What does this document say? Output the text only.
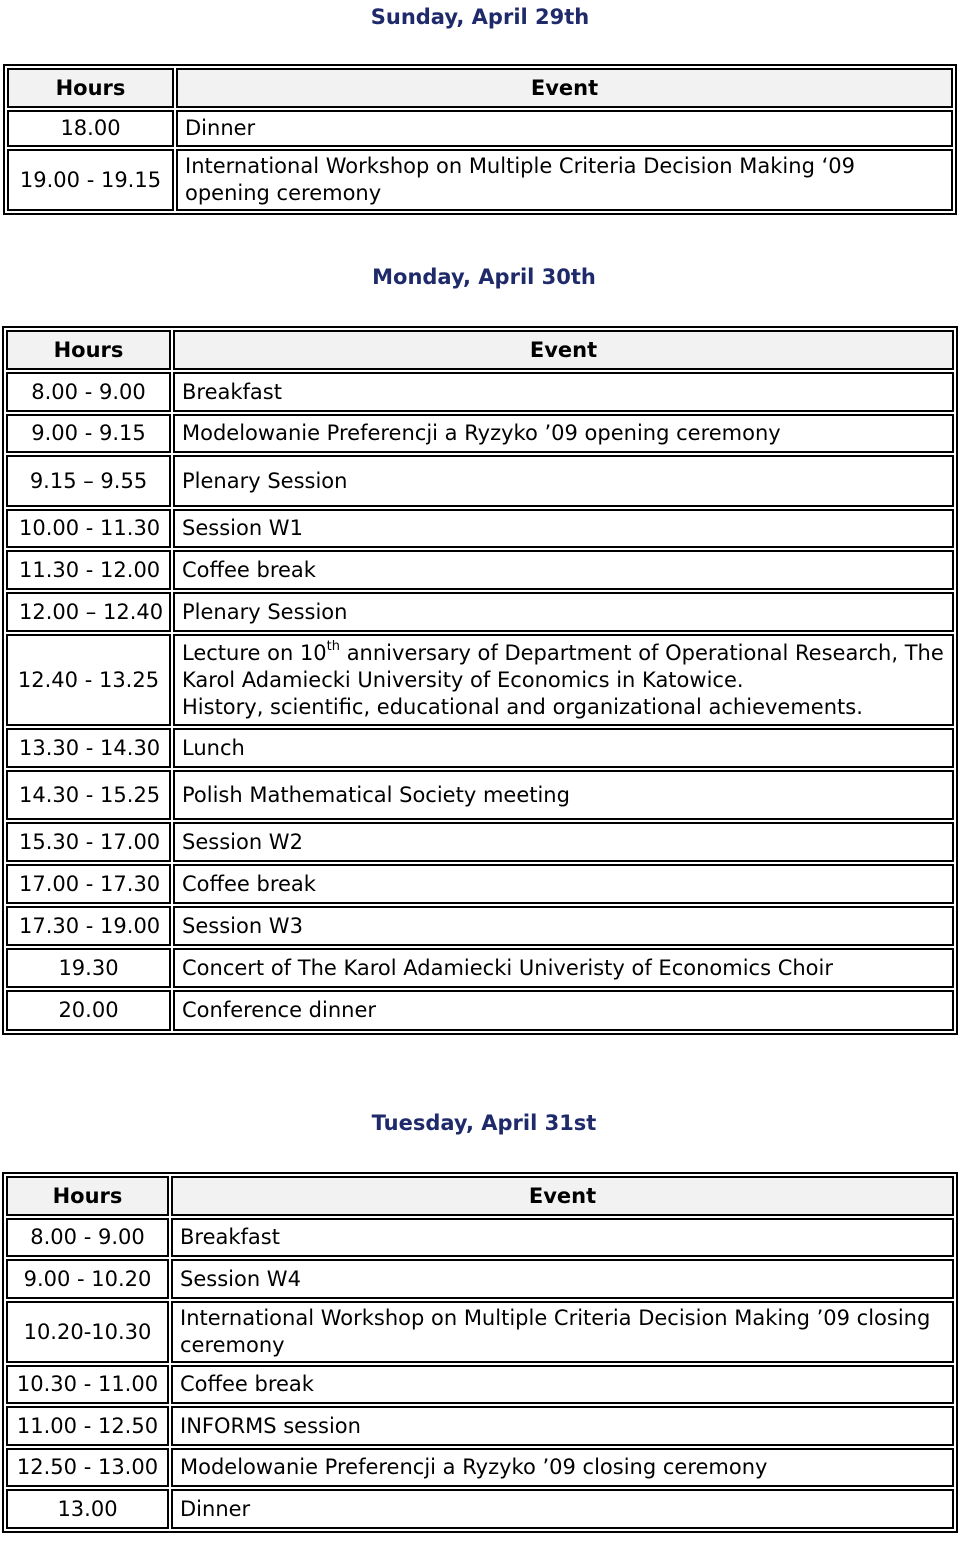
Sunday, April 29th
Hours	Event
18.00	Dinner
19.00 - 19.15	International Workshop on Multiple Criteria Decision Making ‘09 opening ceremony
Monday, April 30th
Hours	Event
8.00 - 9.00	Breakfast
9.00 - 9.15	Modelowanie Preferencji a Ryzyko ’09 opening ceremony
9.15 – 9.55	Plenary Session
10.00 - 11.30	Session W1
11.30 - 12.00	Coffee break
12.00 – 12.40	Plenary Session
12.40 - 13.25	Lecture on 10th anniversary of Department of Operational Research, The Karol Adamiecki University of Economics in Katowice.
History, scientific, educational and organizational achievements.
13.30 - 14.30	Lunch
14.30 - 15.25	Polish Mathematical Society meeting
15.30 - 17.00	Session W2
17.00 - 17.30	Coffee break
17.30 - 19.00	Session W3
19.30	Concert of The Karol Adamiecki Univeristy of Economics Choir
20.00	Conference dinner
Tuesday, April 31st
Hours	Event
8.00 - 9.00	Breakfast
9.00 - 10.20	Session W4
10.20-10.30	International Workshop on Multiple Criteria Decision Making ’09 closing ceremony
10.30 - 11.00	Coffee break
11.00 - 12.50	INFORMS session
12.50 - 13.00	Modelowanie Preferencji a Ryzyko ’09 closing ceremony
13.00	Dinner
